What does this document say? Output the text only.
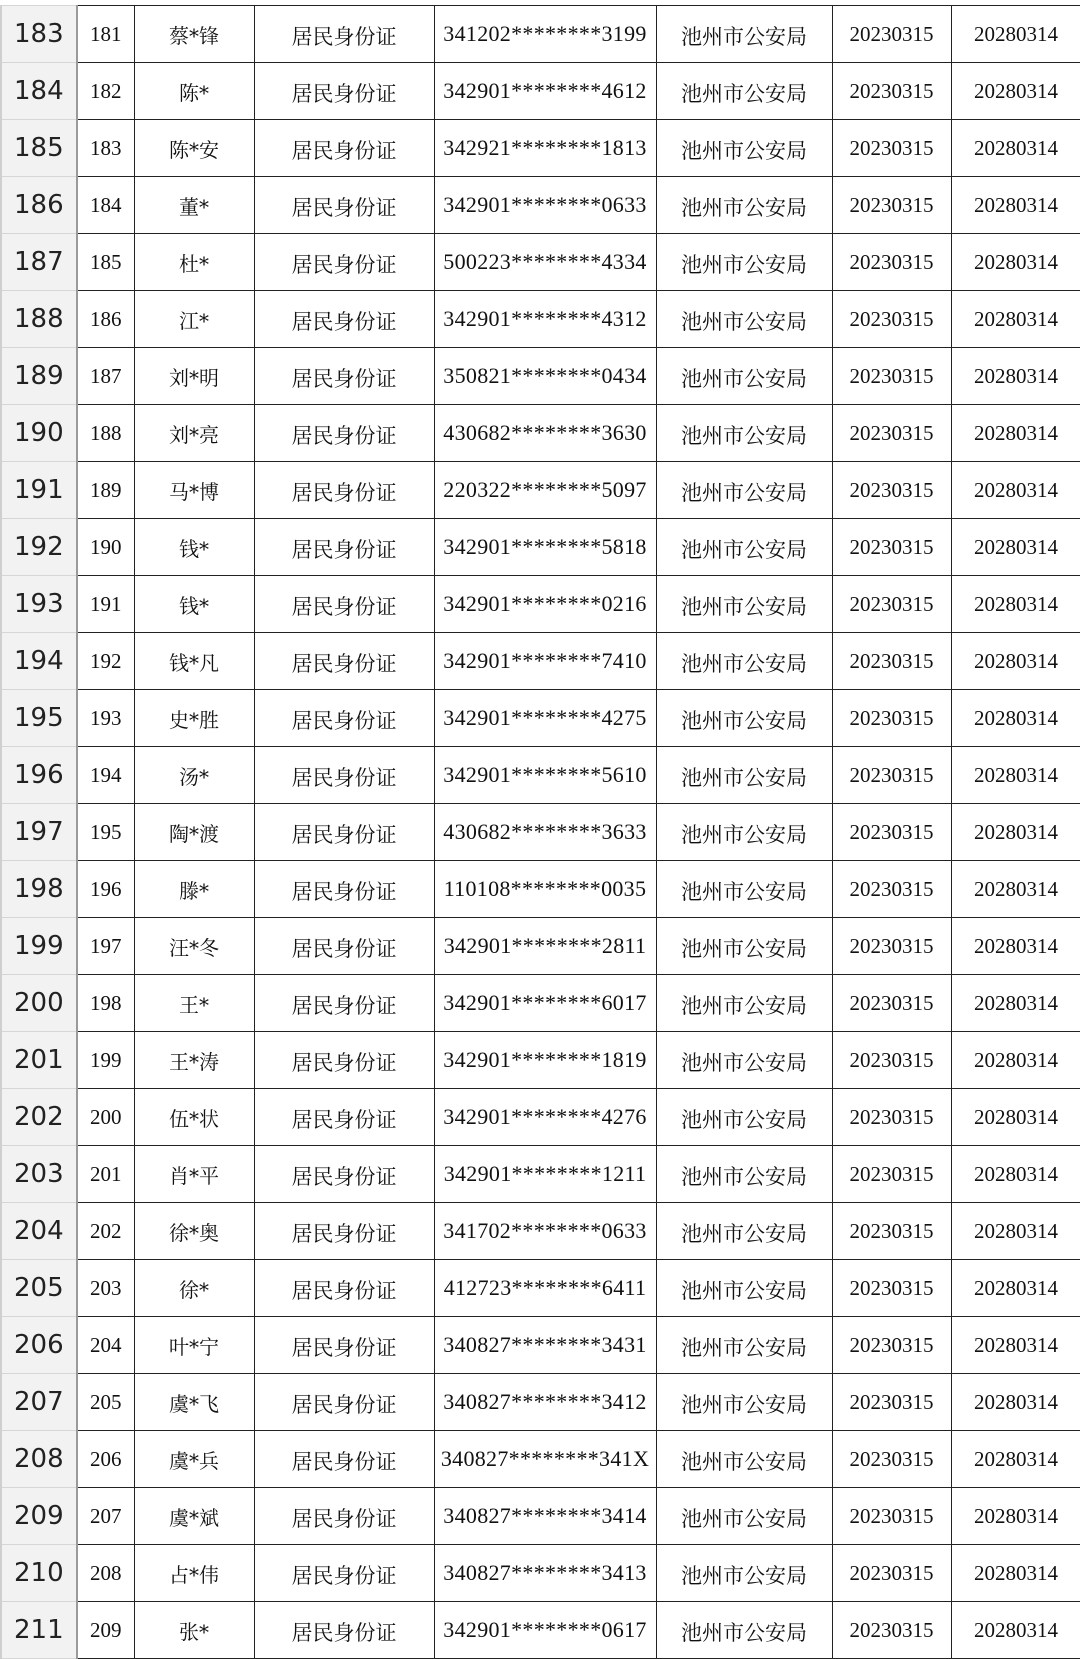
183	181	蔡*锋	居民身份证	341202********3199	池州市公安局	20230315	20280314
184	182	陈*	居民身份证	342901********4612	池州市公安局	20230315	20280314
185	183	陈*安	居民身份证	342921********1813	池州市公安局	20230315	20280314
186	184	董*	居民身份证	342901********0633	池州市公安局	20230315	20280314
187	185	杜*	居民身份证	500223********4334	池州市公安局	20230315	20280314
188	186	江*	居民身份证	342901********4312	池州市公安局	20230315	20280314
189	187	刘*明	居民身份证	350821********0434	池州市公安局	20230315	20280314
190	188	刘*亮	居民身份证	430682********3630	池州市公安局	20230315	20280314
191	189	马*博	居民身份证	220322********5097	池州市公安局	20230315	20280314
192	190	钱*	居民身份证	342901********5818	池州市公安局	20230315	20280314
193	191	钱*	居民身份证	342901********0216	池州市公安局	20230315	20280314
194	192	钱*凡	居民身份证	342901********7410	池州市公安局	20230315	20280314
195	193	史*胜	居民身份证	342901********4275	池州市公安局	20230315	20280314
196	194	汤*	居民身份证	342901********5610	池州市公安局	20230315	20280314
197	195	陶*渡	居民身份证	430682********3633	池州市公安局	20230315	20280314
198	196	滕*	居民身份证	110108********0035	池州市公安局	20230315	20280314
199	197	汪*冬	居民身份证	342901********2811	池州市公安局	20230315	20280314
200	198	王*	居民身份证	342901********6017	池州市公安局	20230315	20280314
201	199	王*涛	居民身份证	342901********1819	池州市公安局	20230315	20280314
202	200	伍*状	居民身份证	342901********4276	池州市公安局	20230315	20280314
203	201	肖*平	居民身份证	342901********1211	池州市公安局	20230315	20280314
204	202	徐*奥	居民身份证	341702********0633	池州市公安局	20230315	20280314
205	203	徐*	居民身份证	412723********6411	池州市公安局	20230315	20280314
206	204	叶*宁	居民身份证	340827********3431	池州市公安局	20230315	20280314
207	205	虞*飞	居民身份证	340827********3412	池州市公安局	20230315	20280314
208	206	虞*兵	居民身份证	340827********341X	池州市公安局	20230315	20280314
209	207	虞*斌	居民身份证	340827********3414	池州市公安局	20230315	20280314
210	208	占*伟	居民身份证	340827********3413	池州市公安局	20230315	20280314
211	209	张*	居民身份证	342901********0617	池州市公安局	20230315	20280314
